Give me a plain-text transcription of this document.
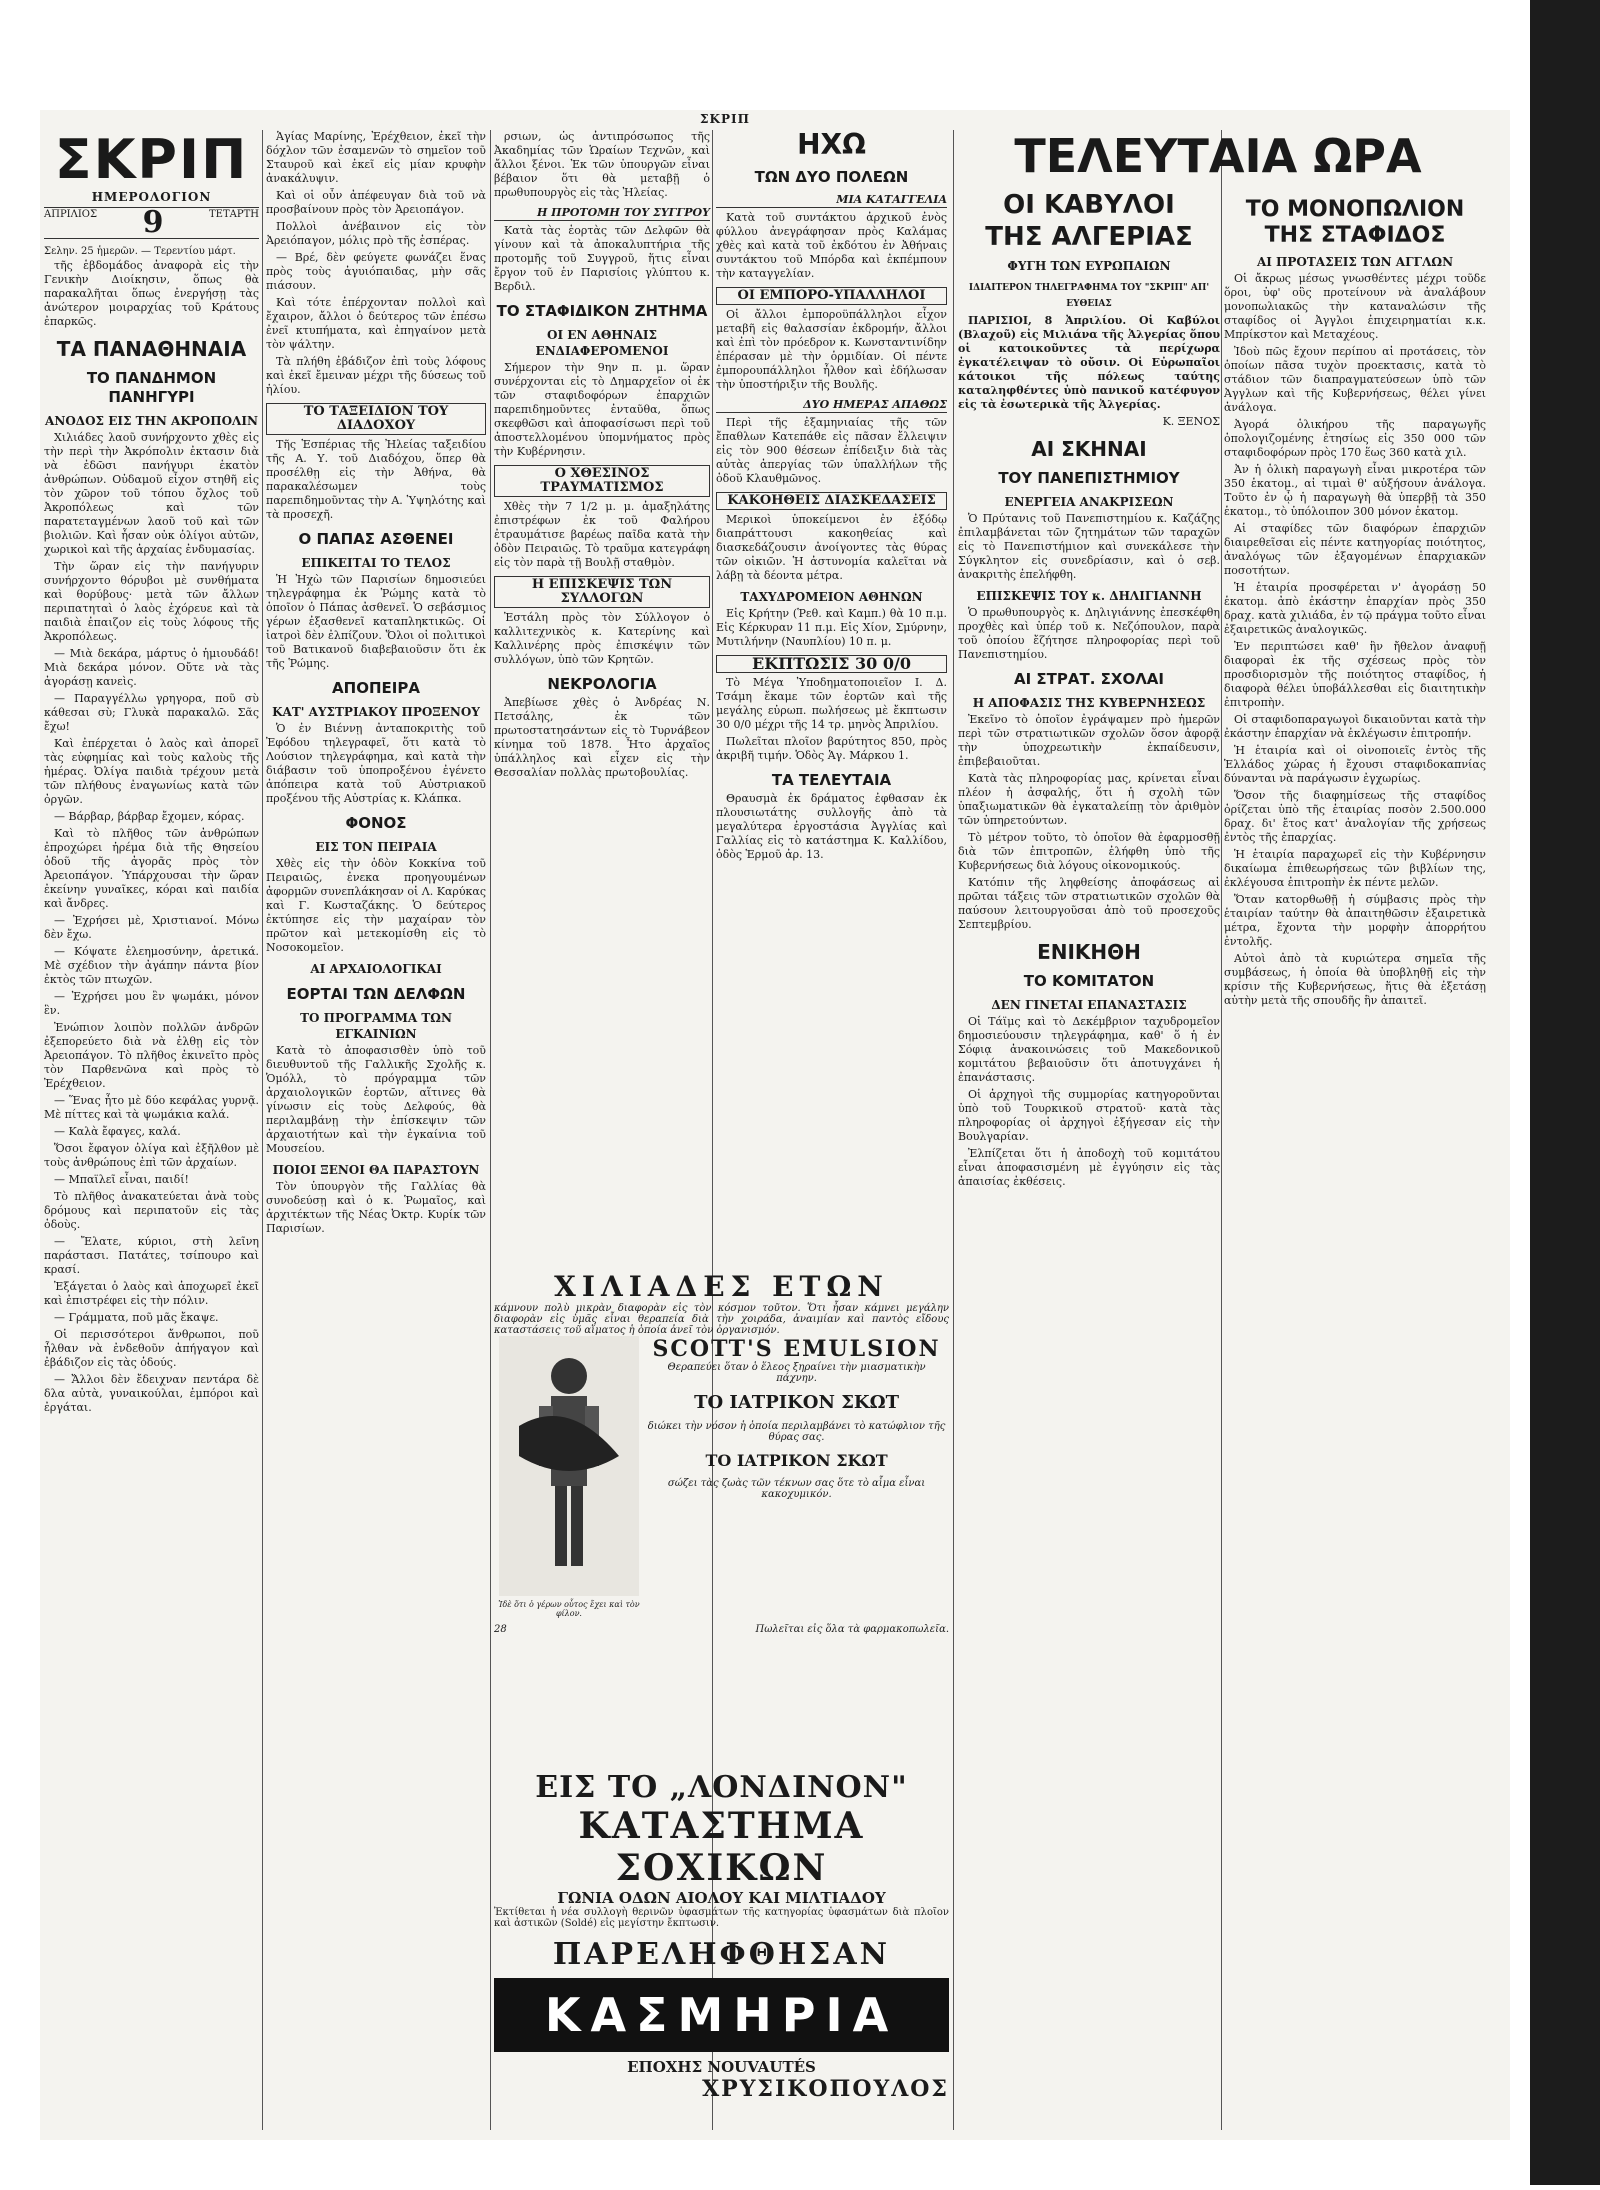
ΣΚΡΙΠ
ΣΚΡΙΠ
ΗΜΕΡΟΛΟΓΙΟΝ
ΑΠΡΙΛΙΟΣ 9	ΤΕΤΑΡΤΗ
Σελην. 25 ἡμερῶν. — Τερεντίου μάρτ.

τῆς ἑβδομάδος ἀναφορὰ εἰς τὴν Γενικὴν Διοίκησιν, ὅπως θὰ παρακαλῆται ὅπως ἐνεργήσῃ τὰς ἀνώτερον μοιραρχίας τοῦ Κράτους ἐπαρκῶς.

ΤΑ ΠΑΝΑΘΗΝΑΙΑ
ΤΟ ΠΑΝΔΗΜΟΝ ΠΑΝΗΓΥΡΙ
ΑΝΟΔΟΣ ΕΙΣ ΤΗΝ ΑΚΡΟΠΟΛΙΝ

Χιλιάδες λαοῦ συνήρχοντο χθὲς εἰς τὴν περὶ τὴν Ἀκρόπολιν ἐκτασιν διὰ νὰ ἐδῶσι πανήγυρι ἑκατὸν ἀνθρώπων. Οὐδαμοῦ εἶχον στηθῆ εἰς τὸν χῶρον τοῦ τόπου ὄχλος τοῦ Ἀκροπόλεως καὶ τῶν παρατεταγμένων λαοῦ τοῦ καὶ τῶν βιολιῶν. Καὶ ἦσαν οὐκ ὀλίγοι αὐτῶν, χωρικοὶ καὶ τῆς ἀρχαίας ἐνδυμασίας.

Τὴν ὥραν εἰς τὴν πανήγυριν συνήρχοντο θόρυβοι μὲ συνθήματα καὶ θορύβους· μετὰ τῶν ἄλλων περιπατηταὶ ὁ λαὸς ἐχόρευε καὶ τὰ παιδιὰ ἐπαιζον εἰς τοὺς λόφους τῆς Ἀκροπόλεως.

— Μιὰ δεκάρα, μάρτυς ὁ ἡμιουδάδ! Μιὰ δεκάρα μόνον. Οὔτε νὰ τὰς ἀγοράσῃ κανεὶς.

— Παραγγέλλω γρηγορα, ποῦ σὺ κάθεσαι σὺ; Γλυκὰ παρακαλῶ. Σᾶς ἔχω!

Καὶ ἐπέρχεται ὁ λαὸς καὶ ἀπορεῖ τὰς εὐφημίας καὶ τοὺς καλοὺς τῆς ἡμέρας. Ὀλίγα παιδιὰ τρέχουν μετὰ τῶν πλήθους ἐναγωνίως κατὰ τῶν ὀργῶν.

— Βάρβαρ, βάρβαρ ἔχομεν, κόρας.

Καὶ τὸ πλῆθος τῶν ἀνθρώπων ἐπροχώρει ἠρέμα διὰ τῆς Θησείου ὁδοῦ τῆς ἀγορᾶς πρὸς τὸν Ἀρειοπάγον. Ὑπάρχουσαι τὴν ὥραν ἐκείνην γυναῖκες, κόραι καὶ παιδία καὶ ἄνδρες.

— Ἐχρήσει μὲ, Χριστιανοί. Μόνω δὲν ἔχω.

— Κόψατε ἐλεημοσύνην, ἀρετικά. Μὲ σχέδιον τὴν ἀγάπην πάντα βίον ἐκτὸς τῶν πτωχῶν.

— Ἐχρήσει μου ἓν ψωμάκι, μόνον ἓν.

Ἐνώπιον λοιπὸν πολλῶν ἀνδρῶν ἐξεπορεύετο διὰ νὰ ἐλθῃ εἰς τὸν Ἀρειοπάγον. Τὸ πλῆθος ἐκινεῖτο πρὸς τὸν Παρθενῶνα καὶ πρὸς τὸ Ἐρέχθειον.

— Ἕνας ἦτο μὲ δύο κεφάλας γυρνᾷ. Μὲ πίττες καὶ τὰ ψωμάκια καλά.

— Καλὰ ἔφαγες, καλά.

Ὅσοι ἔφαγον ὀλίγα καὶ ἐξῆλθον μὲ τοὺς ἀνθρώπους ἐπὶ τῶν ἀρχαίων.

— Μπαϊλεῖ εἶναι, παιδί!

Τὸ πλῆθος ἀνακατεύεται ἀνὰ τοὺς δρόμους καὶ περιπατοῦν εἰς τὰς ὁδοὺς.

— Ἔλατε, κύριοι, στὴ λεῖνη παράστασι. Πατάτες, τσίπουρο καὶ κρασί.

Ἐξάγεται ὁ λαὸς καὶ ἀποχωρεῖ ἐκεῖ καὶ ἐπιστρέφει εἰς τὴν πόλιν.

— Γράμματα, ποῦ μᾶς ἔκαψε.

Οἱ περισσότεροι ἄνθρωποι, ποῦ ἦλθαν νὰ ἐνδεθοῦν ἀπήγαγον καὶ ἐβάδιζον εἰς τὰς ὁδούς.

— Ἄλλοι δὲν ἔδειχναν πεντάρα δὲ δλα αὐτὰ, γυναικούλαι, ἐμπόροι καὶ ἐργάται.

Ἁγίας Μαρίνης, Ἐρέχθειον, ἐκεῖ τὴν δόχλον τῶν ἐσαμενῶν τὸ σημεῖον τοῦ Σταυροῦ καὶ ἐκεῖ εἰς μίαν κρυφὴν ἀνακάλυψιν.

Καὶ οἱ οὖν ἀπέφευγαν διὰ τοῦ νὰ προσβαίνουν πρὸς τὸν Ἀρειοπάγον.

Πολλοὶ ἀνέβαινον εἰς τὸν Ἀρειόπαγον, μόλις πρὸ τῆς ἑσπέρας.

— Βρέ, δὲν φεύγετε φωνάζει ἕνας πρὸς τοὺς ἀγυιόπαιδας, μὴν σᾶς πιάσουν.

Καὶ τότε ἐπέρχονταν πολλοὶ καὶ ἔχαιρον, ἄλλοι ὁ δεύτερος τῶν ἐπέσω ἐνεῖ κτυπήματα, καὶ ἐπηγαίνον μετὰ τὸν ψάλτην.

Τὰ πλήθη ἐβάδιζον ἐπὶ τοὺς λόφους καὶ ἐκεῖ ἔμειναν μέχρι τῆς δύσεως τοῦ ἡλίου.

ΤΟ ΤΑΞΕΙΔΙΟΝ ΤΟΥ ΔΙΑΔΟΧΟΥ

Τῆς Ἑσπέριας τῆς Ἠλείας ταξειδίου τῆς Α. Υ. τοῦ Διαδόχου, ὅπερ θὰ προσέλθῃ εἰς τὴν Ἀθήνα, θὰ παρακαλέσωμεν τοὺς παρεπιδημοῦντας τὴν Α. Ὑψηλότης καὶ τὰ προσεχῆ.

Ο ΠΑΠΑΣ ΑΣΘΕΝΕΙ
ΕΠΙΚΕΙΤΑΙ ΤΟ ΤΕΛΟΣ

Ἡ Ἠχὼ τῶν Παρισίων δημοσιεύει τηλεγράφημα ἐκ Ῥώμης κατὰ τὸ ὁποῖον ὁ Πάπας ἀσθενεῖ. Ὁ σεβάσμιος γέρων ἐξασθενεῖ καταπληκτικῶς. Οἱ ἰατροὶ δὲν ἐλπίζουν. Ὅλοι οἱ πολιτικοὶ τοῦ Βατικανοῦ διαβεβαιοῦσιν ὅτι ἐκ τῆς Ῥώμης.

ΑΠΟΠΕΙΡΑ
ΚΑΤ' ΑΥΣΤΡΙΑΚΟΥ ΠΡΟΞΕΝΟΥ

Ὁ ἐν Βιέννῃ ἀνταποκριτὴς τοῦ Ἐφόδου τηλεγραφεῖ, ὅτι κατὰ τὸ Λούσιον τηλεγράφημα, καὶ κατὰ τὴν διάβασιν τοῦ ὑποπροξένου ἐγένετο ἀπόπειρα κατὰ τοῦ Αὐστριακοῦ προξένου τῆς Αὐστρίας κ. Κλάπκα.

ΦΟΝΟΣ
ΕΙΣ ΤΟΝ ΠΕΙΡΑΙΑ

Χθὲς εἰς τὴν ὁδὸν Κοκκίνα τοῦ Πειραιῶς, ἐνεκα προηγουμένων ἀφορμῶν συνεπλάκησαν οἱ Λ. Καρύκας καὶ Γ. Κωσταζάκης. Ὁ δεύτερος ἐκτύπησε εἰς τὴν μαχαίραν τὸν πρῶτον καὶ μετεκομίσθη εἰς τὸ Νοσοκομεῖον.

ΑΙ ΑΡΧΑΙΟΛΟΓΙΚΑΙ
ΕΟΡΤΑΙ ΤΩΝ ΔΕΛΦΩΝ
ΤΟ ΠΡΟΓΡΑΜΜΑ ΤΩΝ ΕΓΚΑΙΝΙΩΝ

Κατὰ τὸ ἀποφασισθὲν ὑπὸ τοῦ διευθυντοῦ τῆς Γαλλικῆς Σχολῆς κ. Ὁμόλλ, τὸ πρόγραμμα τῶν ἀρχαιολογικῶν ἑορτῶν, αἵτινες θὰ γίνωσιν εἰς τοὺς Δελφούς, θὰ περιλαμβάνῃ τὴν ἐπίσκεψιν τῶν ἀρχαιοτήτων καὶ τὴν ἐγκαίνια τοῦ Μουσείου.

ΠΟΙΟΙ ΞΕΝΟΙ ΘΑ ΠΑΡΑΣΤΟΥΝ

Τὸν ὑπουργὸν τῆς Γαλλίας θὰ συνοδεύσῃ καὶ ὁ κ. Ῥωμαῖος, καὶ ἀρχιτέκτων τῆς Νέας Ὀκτρ. Κυρίκ τῶν Παρισίων.

ρσιων, ὡς ἀντιπρόσωπος τῆς Ἀκαδημίας τῶν Ὡραίων Τεχνῶν, καὶ ἄλλοι ξένοι. Ἐκ τῶν ὑπουργῶν εἶναι βέβαιον ὅτι θὰ μεταβῇ ὁ πρωθυπουργὸς εἰς τὰς Ἠλείας.

Η ΠΡΟΤΟΜΗ ΤΟΥ ΣΥΓΓΡΟΥ

Κατὰ τὰς ἑορτὰς τῶν Δελφῶν θὰ γίνουν καὶ τὰ ἀποκαλυπτήρια τῆς προτομῆς τοῦ Συγγροῦ, ἥτις εἶναι ἔργον τοῦ ἐν Παρισίοις γλύπτου κ. Βερδιλ.

ΤΟ ΣΤΑΦΙΔΙΚΟΝ ΖΗΤΗΜΑ
ΟΙ ΕΝ ΑΘΗΝΑΙΣ ΕΝΔΙΑΦΕΡΟΜΕΝΟΙ

Σήμερον τὴν 9ην π. μ. ὥραν συνέρχονται εἰς τὸ Δημαρχεῖον οἱ ἐκ τῶν σταφιδοφόρων ἐπαρχιῶν παρεπιδημοῦντες ἐνταῦθα, ὅπως σκεφθῶσι καὶ ἀποφασίσωσι περὶ τοῦ ἀποστελλομένου ὑπομνήματος πρὸς τὴν Κυβέρνησιν.

Ο ΧΘΕΣΙΝΟΣ ΤΡΑΥΜΑΤΙΣΜΟΣ

Χθὲς τὴν 7 1/2 μ. μ. ἀμαξηλάτης ἐπιστρέφων ἐκ τοῦ Φαλήρου ἐτραυμάτισε βαρέως παῖδα κατὰ τὴν ὁδὸν Πειραιῶς. Τὸ τραῦμα κατεγράφη εἰς τὸν παρὰ τῇ Βουλῇ σταθμὸν.

Η ΕΠΙΣΚΕΨΙΣ ΤΩΝ ΣΥΛΛΟΓΩΝ

Ἐστάλη πρὸς τὸν Σύλλογον ὁ καλλιτεχνικὸς κ. Κατερίνης καὶ Καλλινέρης πρὸς ἐπισκέψιν τῶν συλλόγων, ὑπὸ τῶν Κρητῶν.

ΝΕΚΡΟΛΟΓΙΑ

Ἀπεβίωσε χθὲς ὁ Ἀνδρέας Ν. Πετσάλης, ἐκ τῶν πρωτοστατησάντων εἰς τὸ Τυρνάβεον κίνημα τοῦ 1878. Ἦτο ἀρχαῖος ὑπάλληλος καὶ εἶχεν εἰς τὴν Θεσσαλίαν πολλὰς πρωτοβουλίας.

ΗΧΩ
ΤΩΝ ΔΥΟ ΠΟΛΕΩΝ
ΜΙΑ ΚΑΤΑΓΓΕΛΙΑ

Κατὰ τοῦ συντάκτου ἀρχικοῦ ἐνὸς φύλλου ἀνεγράφησαν πρὸς Καλάμας χθὲς καὶ κατὰ τοῦ ἐκδότου ἐν Ἀθήναις συντάκτου τοῦ Μπόρδα καὶ ἐκπέμπουν τὴν καταγγελίαν.

ΟΙ ΕΜΠΟΡΟ-ΥΠΑΛΛΗΛΟΙ

Οἱ ἄλλοι ἐμποροϋπάλληλοι εἶχον μεταβῆ εἰς θαλασσίαν ἐκδρομήν, ἄλλοι καὶ ἐπὶ τὸν πρόεδρον κ. Κωνσταντινίδην ἐπέρασαν μὲ τὴν ὁρμιδίαν. Οἱ πέντε ἐμπορουπάλληλοι ἦλθον καὶ ἐδήλωσαν τὴν ὑποστήριξιν τῆς Βουλῆς.

ΔΥΟ ΗΜΕΡΑΣ ΑΠΑΘΩΣ

Περὶ τῆς ἐξαμηνιαίας τῆς τῶν ἔπαθλων Κατεπάθε εἰς πᾶσαν ἔλλειψιν εἰς τὸν 900 θέσεων ἐπίδειξιν διὰ τὰς αὐτὰς ἀπεργίας τῶν ὑπαλλήλων τῆς ὁδοῦ Κλαυθμῶνος.

ΚΑΚΟΗΘΕΙΣ ΔΙΑΣΚΕΔΑΣΕΙΣ

Μερικοὶ ὑποκείμενοι ἐν ἐξόδῳ διαπράττουσι κακοηθείας καὶ διασκεδάζουσιν ἀνοίγοντες τὰς θύρας τῶν οἰκιῶν. Ἡ ἀστυνομία καλεῖται νὰ λάβῃ τὰ δέοντα μέτρα.

ΤΑΧΥΔΡΟΜΕΙΟΝ ΑΘΗΝΩΝ

Εἰς Κρήτην (Ῥεθ. καὶ Καμπ.) θὰ 10 π.μ. Εἰς Κέρκυραν 11 π.μ. Εἰς Χίον, Σμύρνην, Μυτιλήνην (Ναυπλίου) 10 π. μ.

ΕΚΠΤΩΣΙΣ 30 0/0

Τὸ Μέγα Ὑποδηματοποιεῖον Ι. Δ. Τσάμη ἔκαμε τῶν ἑορτῶν καὶ τῆς μεγάλης εὐρωπ. πωλήσεως μὲ ἔκπτωσιν 30 0/0 μέχρι τῆς 14 τρ. μηνὸς Ἀπριλίου.

Πωλεῖται πλοῖον βαρύτητος 850, πρὸς ἀκριβῆ τιμήν. Ὁδὸς Ἁγ. Μάρκου 1.

ΤΑ ΤΕΛΕΥΤΑΙΑ

Θραυσμὰ ἐκ δράματος ἐφθασαν ἐκ πλουσιωτάτης συλλογῆς ἀπὸ τὰ μεγαλύτερα ἐργοστάσια Ἀγγλίας καὶ Γαλλίας εἰς τὸ κατάστημα Κ. Καλλίδου, ὁδὸς Ἑρμοῦ ἀρ. 13.

ΧΙΛΙΑΔΕΣ ΕΤΩΝ
κάμνουν πολὺ μικρὰν διαφορὰν εἰς τὸν κόσμον τοῦτον. Ὅτι ἦσαν κάμνει μεγάλην διαφορὰν εἰς ὑμᾶς εἶναι θεραπεία διὰ τὴν χοιράδα, ἀναιμίαν καὶ παντὸς εἴδους καταστάσεις τοῦ αἵματος ἡ ὁποία ἀνεῖ τὸν ὀργανισμόν.
Ἰδὲ ὅτι ὁ γέρων οὗτος ἔχει καὶ τὸν φίλον.

SCOTT'S EMULSION
Θεραπεύει ὅταν ὁ ἕλεος ξηραίνει τὴν μιασματικὴν πάχνην.
ΤΟ ΙΑΤΡΙΚΟΝ ΣΚΩΤ
διώκει τὴν νόσον ἡ ὁποία περιλαμβάνει τὸ κατώφλιον τῆς θύρας σας.
ΤΟ ΙΑΤΡΙΚΟΝ ΣΚΩΤ
σώζει τὰς ζωὰς τῶν τέκνων σας ὅτε τὸ αἷμα εἶναι κακοχυμικόν.
28	Πωλεῖται εἰς ὅλα τὰ φαρμακοπωλεῖα.
ΕΙΣ ΤΟ „ΛΟΝΔΙΝΟΝ"
ΚΑΤΑΣΤΗΜΑ ΣΟΧΙΚΩΝ
ΓΩΝΙΑ ΟΔΩΝ ΑΙΟΛΟΥ ΚΑΙ ΜΙΛΤΙΑΔΟΥ
Ἐκτίθεται ἡ νέα συλλογὴ θερινῶν ὑφασμάτων τῆς κατηγορίας ὑφασμάτων διὰ πλοῖον καὶ ἀστικῶν (Soldé) εἰς μεγίστην ἔκπτωσιν.
ΠΑΡΕΛΗΦΘΗΣΑΝ
ΚΑΣΜΗΡΙΑ
ΕΠΟΧΗΣ NOUVAUTÉS
ΧΡΥΣΙΚΟΠΟΥΛΟΣ
ΤΕΛΕΥΤΑΙΑ ΩΡΑ
ΟΙ ΚΑΒΥΛΟΙ
ΤΗΣ ΑΛΓΕΡΙΑΣ
ΦΥΓΗ ΤΩΝ ΕΥΡΩΠΑΙΩΝ
ΙΔΙΑΙΤΕΡΟΝ ΤΗΛΕΓΡΑΦΗΜΑ ΤΟΥ "ΣΚΡΙΠ" ΑΠ' ΕΥΘΕΙΑΣ

ΠΑΡΙΣΙΟΙ, 8 Ἀπριλίου. Οἱ Καβύλοι (Βλαχοῦ) εἰς Μιλιάνα τῆς Ἀλγερίας ὅπου οἱ κατοικοῦντες τὰ περίχωρα ἐγκατέλειψαν τὸ οὔσιν. Οἱ Εὐρωπαῖοι κάτοικοι τῆς πόλεως ταύτης καταληφθέντες ὑπὸ πανικοῦ κατέφυγον εἰς τὰ ἐσωτερικὰ τῆς Ἀλγερίας.

Κ. ΞΕΝΟΣ
ΑΙ ΣΚΗΝΑΙ
ΤΟΥ ΠΑΝΕΠΙΣΤΗΜΙΟΥ
ΕΝΕΡΓΕΙΑ ΑΝΑΚΡΙΣΕΩΝ

Ὁ Πρύτανις τοῦ Πανεπιστημίου κ. Καζάζης ἐπιλαμβάνεται τῶν ζητημάτων τῶν ταραχῶν εἰς τὸ Πανεπιστήμιον καὶ συνεκάλεσε τὴν Σύγκλητον εἰς συνεδρίασιν, καὶ ὁ σεβ. ἀνακριτὴς ἐπελήφθη.

ΕΠΙΣΚΕΨΙΣ ΤΟΥ κ. ΔΗΛΙΓΙΑΝΝΗ

Ὁ πρωθυπουργὸς κ. Δηλιγιάννης ἐπεσκέφθη προχθὲς καὶ ὑπέρ τοῦ κ. Νεζόπουλον, παρὰ τοῦ ὁποίου ἔζήτησε πληροφορίας περὶ τοῦ Πανεπιστημίου.

ΑΙ ΣΤΡΑΤ. ΣΧΟΛΑΙ
Η ΑΠΟΦΑΣΙΣ ΤΗΣ ΚΥΒΕΡΝΗΣΕΩΣ

Ἐκεῖνο τὸ ὁποῖον ἐγράψαμεν πρὸ ἡμερῶν περὶ τῶν στρατιωτικῶν σχολῶν ὅσον ἀφορᾷ τὴν ὑποχρεωτικὴν ἐκπαίδευσιν, ἐπιβεβαιοῦται.

Κατὰ τὰς πληροφορίας μας, κρίνεται εἶναι πλέον ἡ ἀσφαλής, ὅτι ἡ σχολὴ τῶν ὑπαξιωματικῶν θὰ ἐγκαταλείπῃ τὸν ἀριθμὸν τῶν ὑπηρετούντων.

Τὸ μέτρον τοῦτο, τὸ ὁποῖον θὰ ἐφαρμοσθῇ διὰ τῶν ἐπιτροπῶν, ἐλήφθη ὑπὸ τῆς Κυβερνήσεως διὰ λόγους οἰκονομικούς.

Κατόπιν τῆς ληφθείσης ἀποφάσεως αἱ πρῶται τάξεις τῶν στρατιωτικῶν σχολῶν θὰ παύσουν λειτουργοῦσαι ἀπὸ τοῦ προσεχοῦς Σεπτεμβρίου.

ΕΝΙΚΗΘΗ
ΤΟ ΚΟΜΙΤΑΤΟΝ
ΔΕΝ ΓΙΝΕΤΑΙ ΕΠΑΝΑΣΤΑΣΙΣ

Οἱ Τάϊμς καὶ τὸ Δεκέμβριον ταχυδρομεῖον δημοσιεύουσιν τηλεγράφημα, καθ' ὅ ἡ ἐν Σόφιᾳ ἀνακοινώσεις τοῦ Μακεδονικοῦ κομιτάτου βεβαιοῦσιν ὅτι ἀποτυγχάνει ἡ ἐπανάστασις.

Οἱ ἀρχηγοὶ τῆς συμμορίας κατηγοροῦνται ὑπὸ τοῦ Τουρκικοῦ στρατοῦ· κατὰ τὰς πληροφορίας οἱ ἀρχηγοὶ ἐξήγεσαν εἰς τὴν Βουλγαρίαν.

Ἐλπίζεται ὅτι ἡ ἀποδοχὴ τοῦ κομιτάτου εἶναι ἀποφασισμένη μὲ ἐγγύησιν εἰς τὰς ἀπαισίας ἐκθέσεις.

ΤΟ ΜΟΝΟΠΩΛΙΟΝ
ΤΗΣ ΣΤΑΦΙΔΟΣ
ΑΙ ΠΡΟΤΑΣΕΙΣ ΤΩΝ ΑΓΓΛΩΝ

Οἱ ἄκρως μέσως γνωσθέντες μέχρι τοῦδε ὅροι, ὑφ' οὓς προτείνουν νὰ ἀναλάβουν μονοπωλιακῶς τὴν καταναλώσιν τῆς σταφίδος οἱ Ἀγγλοι ἐπιχειρηματίαι κ.κ. Μπρίκστον καὶ Μεταχέους.

Ἰδοὺ πῶς ἔχουν περίπου αἱ προτάσεις, τὸν ὁποίων πᾶσα τυχὸν προεκτασις, κατὰ τὸ στάδιον τῶν διαπραγματεύσεων ὑπὸ τῶν Ἀγγλων καὶ τῆς Κυβερνήσεως, θέλει γίνει ἀνάλογα.

Ἀγορά ὁλικήρου τῆς παραγωγῆς ὁπολογιζομένης ἐτησίως εἰς 350 000 τῶν σταφιδοφόρων πρὸς 170 ἕως 360 κατὰ χιλ.

Ἀν ἡ ὁλικὴ παραγωγὴ εἶναι μικροτέρα τῶν 350 ἑκατομ., αἱ τιμαὶ θ' αὐξήσουν ἀνάλογα. Τοῦτο ἐν ᾧ ἡ παραγωγὴ θὰ ὑπερβῇ τὰ 350 ἑκατομ., τὸ ὑπόλοιπον 300 μόνον ἑκατομ.

Αἱ σταφίδες τῶν διαφόρων ἐπαρχιῶν διαιρεθεῖσαι εἰς πέντε κατηγορίας ποιότητος, ἀναλόγως τῶν ἑξαγομένων ἐπαρχιακῶν ποσοτήτων.

Ἡ ἑταιρία προσφέρεται ν' ἀγοράσῃ 50 ἑκατομ. ἀπὸ ἐκάστην ἐπαρχίαν πρὸς 350 δραχ. κατὰ χιλιάδα, ἐν τῷ πράγμα τοῦτο εἶναι ἐξαιρετικῶς ἀναλογικῶς.

Ἐν περιπτώσει καθ' ἣν ἤθελον ἀναφυῇ διαφοραὶ ἐκ τῆς σχέσεως πρὸς τὸν προσδιορισμὸν τῆς ποιότητος σταφίδος, ἡ διαφορὰ θέλει ὑποβάλλεσθαι εἰς διαιτητικὴν ἐπιτροπὴν.

Οἱ σταφιδοπαραγωγοὶ δικαιοῦνται κατὰ τὴν ἐκάστην ἐπαρχίαν νὰ ἐκλέγωσιν ἐπιτροπήν.

Ἡ ἑταιρία καὶ οἱ οἰνοποιεῖς ἐντὸς τῆς Ἑλλάδος χώρας ἡ ἔχουσι σταφιδοκαπνίας δύνανται νὰ παράγωσιν ἐγχωρίως.

Ὅσον τῆς διαφημίσεως τῆς σταφίδος ὁρίζεται ὑπὸ τῆς ἑταιρίας ποσὸν 2.500.000 δραχ. δι' ἔτος κατ' ἀναλογίαν τῆς χρήσεως ἐντὸς τῆς ἐπαρχίας.

Ἡ ἑταιρία παραχωρεῖ εἰς τὴν Κυβέρνησιν δικαίωμα ἐπιθεωρήσεως τῶν βιβλίων της, ἐκλέγουσα ἐπιτροπὴν ἐκ πέντε μελῶν.

Ὅταν κατορθωθῇ ἡ σύμβασις πρὸς τὴν ἑταιρίαν ταύτην θὰ ἀπαιτηθῶσιν ἐξαιρετικὰ μέτρα, ἔχοντα τὴν μορφὴν ἀπορρήτου ἐντολῆς.

Αὐτοὶ ἀπὸ τὰ κυριώτερα σημεῖα τῆς συμβάσεως, ἡ ὁποία θὰ ὑποβληθῇ εἰς τὴν κρίσιν τῆς Κυβερνήσεως, ἥτις θὰ ἐξετάσῃ αὐτὴν μετὰ τῆς σπουδῆς ἣν ἀπαιτεῖ.
